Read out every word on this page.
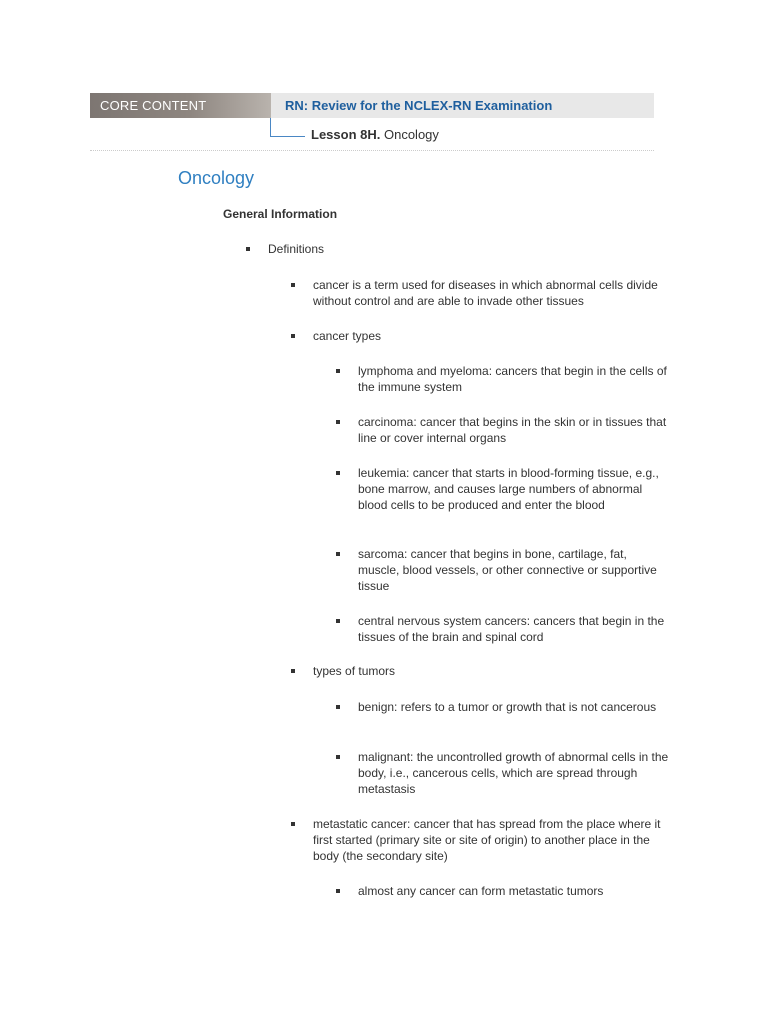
CORE CONTENT	RN: Review for the NCLEX-RN Examination
Lesson 8H. Oncology
Oncology
General Information
Definitions
cancer is a term used for diseases in which abnormal cells divide without control and are able to invade other tissues
cancer types
lymphoma and myeloma: cancers that begin in the cells of the immune system
carcinoma: cancer that begins in the skin or in tissues that line or cover internal organs
leukemia: cancer that starts in blood-forming tissue, e.g., bone marrow, and causes large numbers of abnormal blood cells to be produced and enter the blood
sarcoma: cancer that begins in bone, cartilage, fat, muscle, blood vessels, or other connective or supportive tissue
central nervous system cancers: cancers that begin in the tissues of the brain and spinal cord
types of tumors
benign: refers to a tumor or growth that is not cancerous
malignant: the uncontrolled growth of abnormal cells in the body, i.e., cancerous cells, which are spread through metastasis
metastatic cancer: cancer that has spread from the place where it first started (primary site or site of origin) to another place in the body (the secondary site)
almost any cancer can form metastatic tumors
